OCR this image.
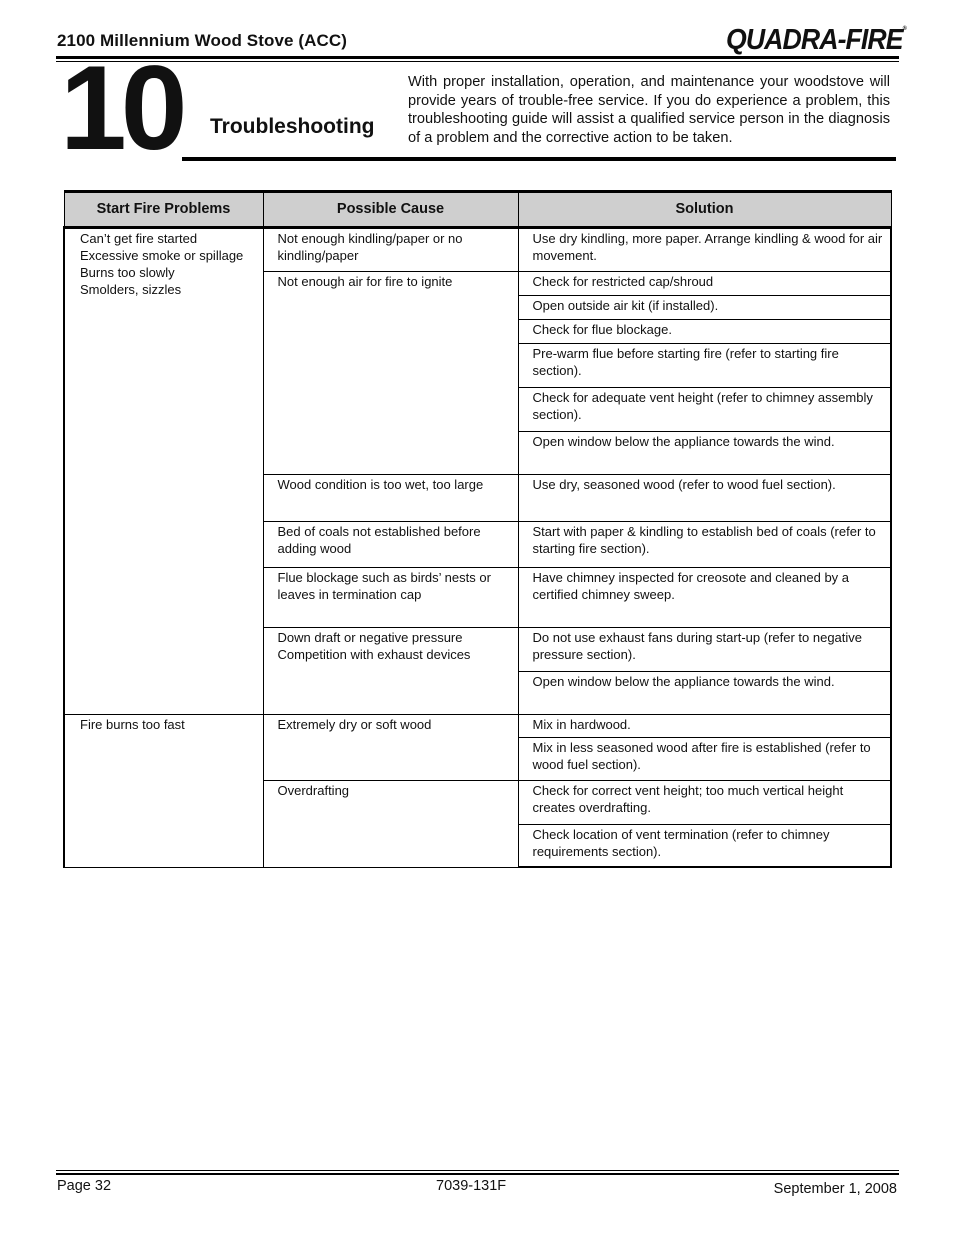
2100 Millennium Wood Stove (ACC)	QUADRA-FIRE®
10 Troubleshooting
With proper installation, operation, and maintenance your woodstove will provide years of trouble-free service. If you do experience a problem, this troubleshooting guide will assist a qualified service person in the diagnosis of a problem and the corrective action to be taken.
Start Fire Problems	Possible Cause	Solution

Can’t get fire started
Excessive smoke or spillage
Burns too slowly
Smolders, sizzles	Not enough kindling/paper or no kindling/paper	Use dry kindling, more paper. Arrange kindling & wood for air movement.
	Not enough air for fire to ignite	Check for restricted cap/shroud
		Open outside air kit (if installed).
		Check for flue blockage.
		Pre-warm flue before starting fire (refer to starting fire section).
		Check for adequate vent height (refer to chimney assembly section).
		Open window below the appliance towards the wind.
	Wood condition is too wet, too large	Use dry, seasoned wood (refer to wood fuel section).
	Bed of coals not established before adding wood	Start with paper & kindling to establish bed of coals (refer to starting fire section).
	Flue blockage such as birds’ nests or leaves in termination cap	Have chimney inspected for creosote and cleaned by a certified chimney sweep.
	Down draft or negative pressure Competition with exhaust devices	Do not use exhaust fans during start-up (refer to negative pressure section).
		Open window below the appliance towards the wind.

Fire burns too fast	Extremely dry or soft wood	Mix in hardwood.
		Mix in less seasoned wood after fire is established (refer to wood fuel section).
	Overdrafting	Check for correct vent height; too much vertical height creates overdrafting.
		Check location of vent termination (refer to chimney requirements section).
Page 32	7039-131F	September 1, 2008
